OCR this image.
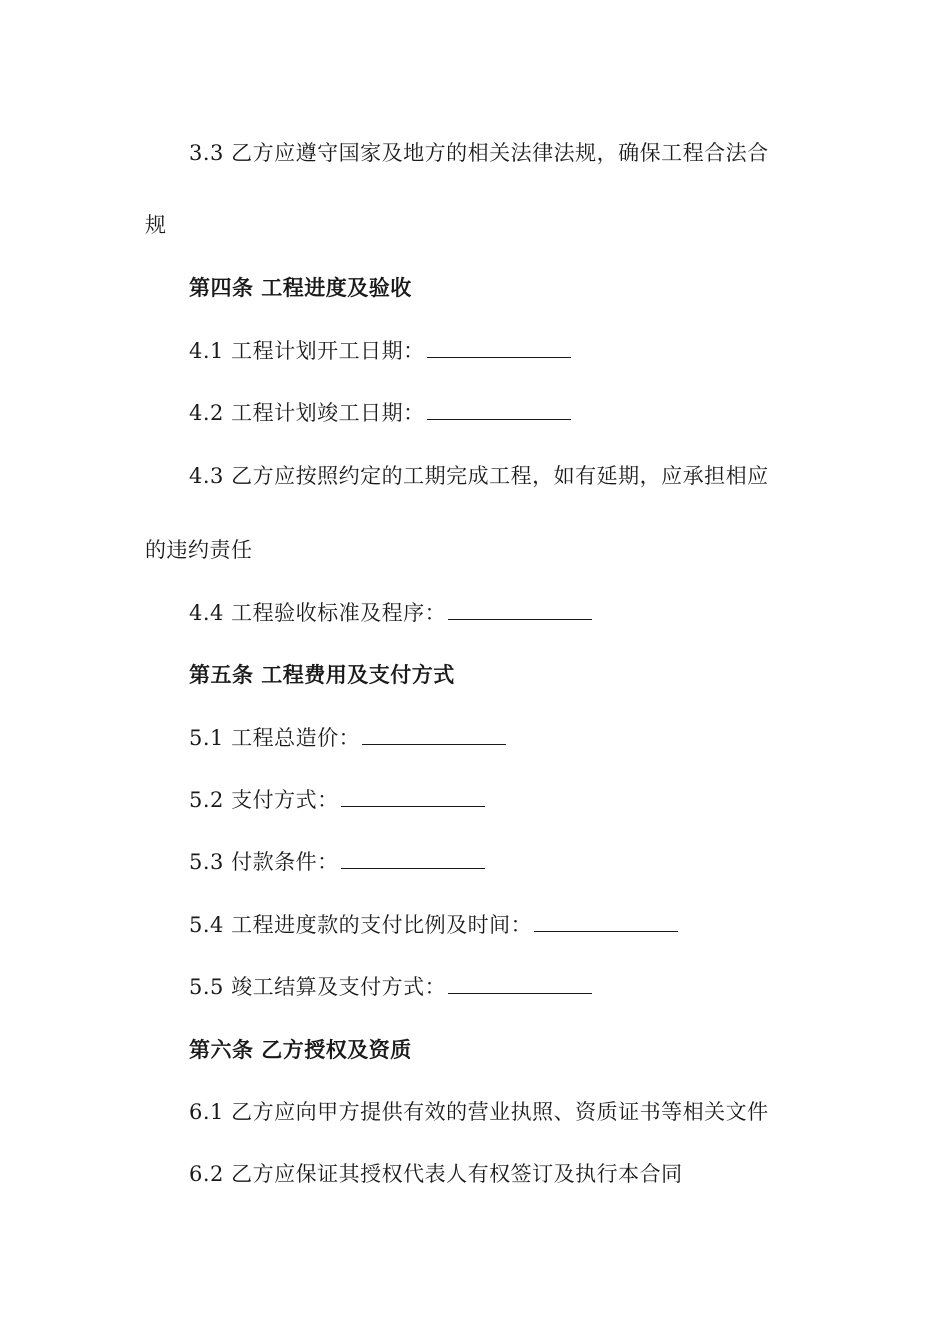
3.3 乙方应遵守国家及地方的相关法律法规，确保工程合法合
规
第四条 工程进度及验收
4.1 工程计划开工日期：
4.2 工程计划竣工日期：
4.3 乙方应按照约定的工期完成工程，如有延期，应承担相应
的违约责任
4.4 工程验收标准及程序：
第五条 工程费用及支付方式
5.1 工程总造价：
5.2 支付方式：
5.3 付款条件：
5.4 工程进度款的支付比例及时间：
5.5 竣工结算及支付方式：
第六条 乙方授权及资质
6.1 乙方应向甲方提供有效的营业执照、资质证书等相关文件
6.2 乙方应保证其授权代表人有权签订及执行本合同
